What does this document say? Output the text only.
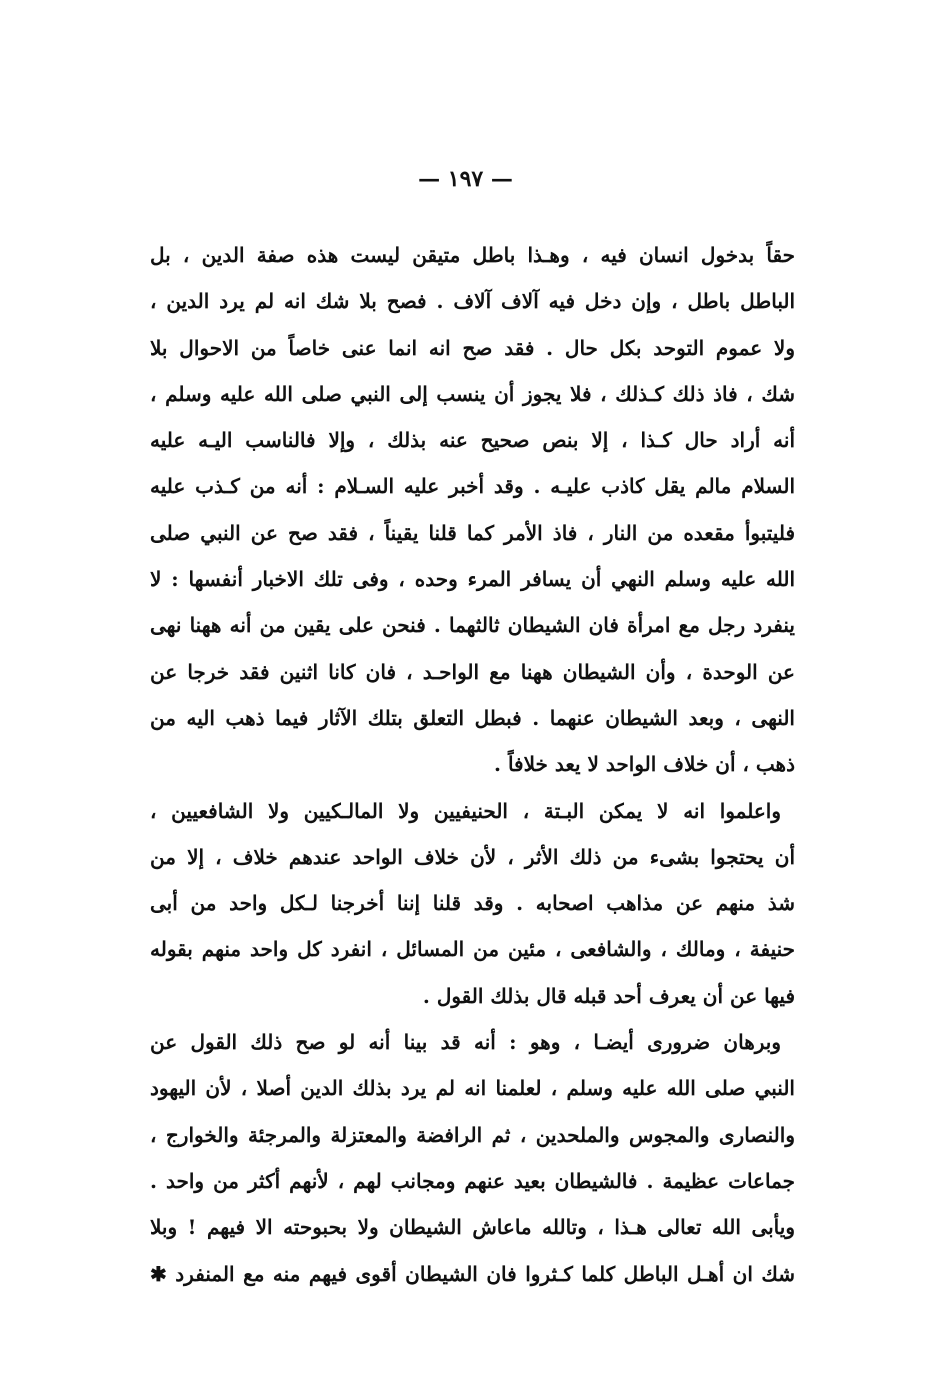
— ١٩٧ —
حقاً بدخول انسان فيه ، وهـذا باطل متيقن ليست هذه صفة الدين ، بل
الباطل باطل ، وإن دخل فيه آلاف آلاف . فصح بلا شك انه لم يرد الدين ،
ولا عموم التوحد بكل حال . فقد صح انه انما عنى خاصاً من الاحوال بلا
شك ، فاذ ذلك كـذلك ، فلا يجوز أن ينسب إلى النبي صلى الله عليه وسلم ،
أنه أراد حال كـذا ، إلا بنص صحيح عنه بذلك ، وإلا فالناسب اليـه عليه
السلام مالم يقل كاذب عليـه . وقد أخبر عليه السـلام : أنه من كـذب عليه
فليتبوأ مقعده من النار ، فاذ الأمر كما قلنا يقيناً ، فقد صح عن النبي صلى
الله عليه وسلم النهي أن يسافر المرء وحده ، وفى تلك الاخبار أنفسها : لا
ينفرد رجل مع امرأة فان الشيطان ثالثهما . فنحن على يقين من أنه ههنا نهى
عن الوحدة ، وأن الشيطان ههنا مع الواحـد ، فان كانا اثنين فقد خرجا عن
النهى ، وبعد الشيطان عنهما . فبطل التعلق بتلك الآثار فيما ذهب اليه من
ذهب ، أن خلاف الواحد لا يعد خلافاً .
واعلموا انه لا يمكن البـتة ، الحنيفيين ولا المالـكيين ولا الشافعيين ،
أن يحتجوا بشىء من ذلك الأثر ، لأن خلاف الواحد عندهم خلاف ، إلا من
شذ منهم عن مذاهب اصحابه . وقد قلنا إننا أخرجنا لـكل واحد من أبى
حنيفة ، ومالك ، والشافعى ، مئين من المسائل ، انفرد كل واحد منهم بقوله
فيها عن أن يعرف أحد قبله قال بذلك القول .
وبرهان ضرورى أيضـا ، وهو : أنه قد بينا أنه لو صح ذلك القول عن
النبي صلى الله عليه وسلم ، لعلمنا انه لم يرد بذلك الدين أصلا ، لأن اليهود
والنصارى والمجوس والملحدين ، ثم الرافضة والمعتزلة والمرجئة والخوارج ،
جماعات عظيمة . فالشيطان بعيد عنهم ومجانب لهم ، لأنهم أكثر من واحد .
ويأبى الله تعالى هـذا ، وتالله ماعاش الشيطان ولا بحبوحته الا فيهم ! وبلا
شك ان أهـل الباطل كلما كـثروا فان الشيطان أقوى فيهم منه مع المنفرد ✱
